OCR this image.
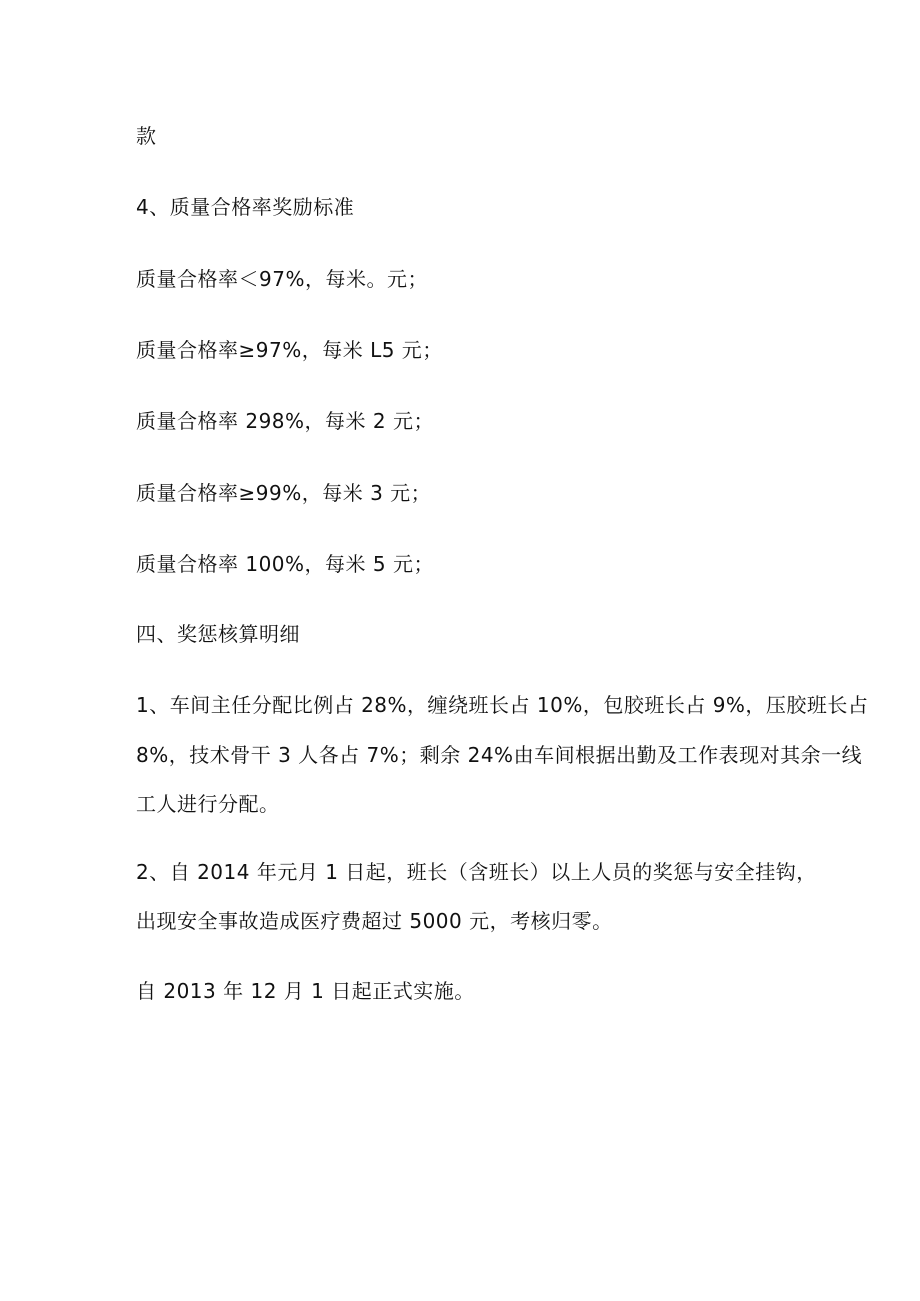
款
4、质量合格率奖励标准
质量合格率＜97%，每米。元；
质量合格率≥97%，每米 L5 元；
质量合格率 298%，每米 2 元；
质量合格率≥99%，每米 3 元；
质量合格率 100%，每米 5 元；
四、奖惩核算明细
1、车间主任分配比例占 28%，缠绕班长占 10%，包胶班长占 9%，压胶班长占
8%，技术骨干 3 人各占 7%；剩余 24%由车间根据出勤及工作表现对其余一线
工人进行分配。
2、自 2014 年元月 1 日起，班长（含班长）以上人员的奖惩与安全挂钩，
出现安全事故造成医疗费超过 5000 元，考核归零。
自 2013 年 12 月 1 日起正式实施。
